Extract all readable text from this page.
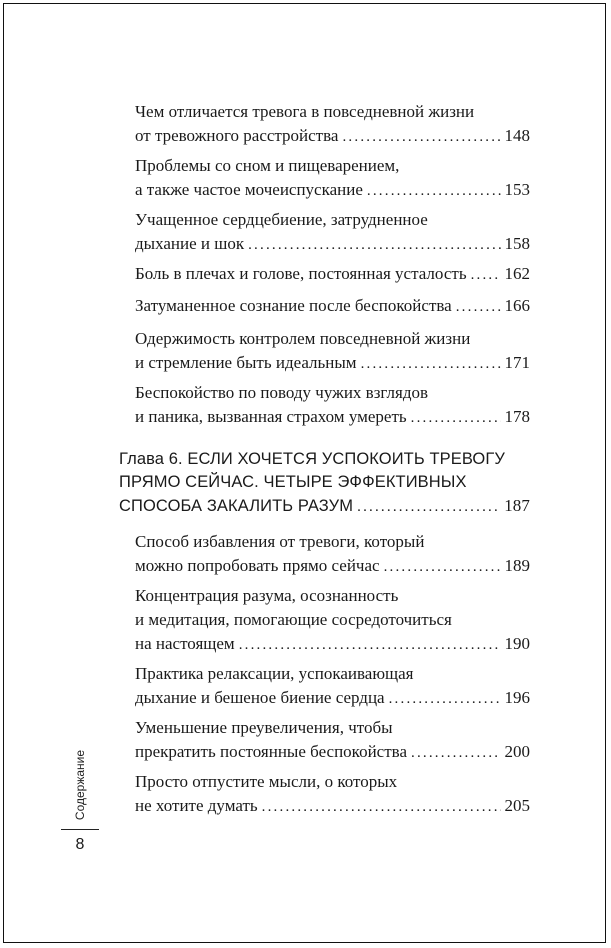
Чем отличается тревога в повседневной жизни
от тревожного расстройства .....	148
Проблемы со сном и пищеварением,
а также частое мочеиспускание .....	153
Учащенное сердцебиение, затрудненное
дыхание и шок .....	158
Боль в плечах и голове, постоянная усталость ..... 162
Затуманенное сознание после беспокойства .....	166
Одержимость контролем повседневной жизни
и стремление быть идеальным .....	171
Беспокойство по поводу чужих взглядов
и паника, вызванная страхом умереть .....	178
Глава 6. ЕСЛИ ХОЧЕТСЯ УСПОКОИТЬ ТРЕВОГУ
ПРЯМО СЕЙЧАС. ЧЕТЫРЕ ЭФФЕКТИВНЫХ
СПОСОБА ЗАКАЛИТЬ РАЗУМ .....	187
Способ избавления от тревоги, который
можно попробовать прямо сейчас .....	189
Концентрация разума, осознанность
и медитация, помогающие сосредоточиться
на настоящем .....	190
Практика релаксации, успокаивающая
дыхание и бешеное биение сердца .....	196
Уменьшение преувеличения, чтобы
прекратить постоянные беспокойства .....	200
Просто отпустите мысли, о которых
не хотите думать .....	205
Содержание
8
